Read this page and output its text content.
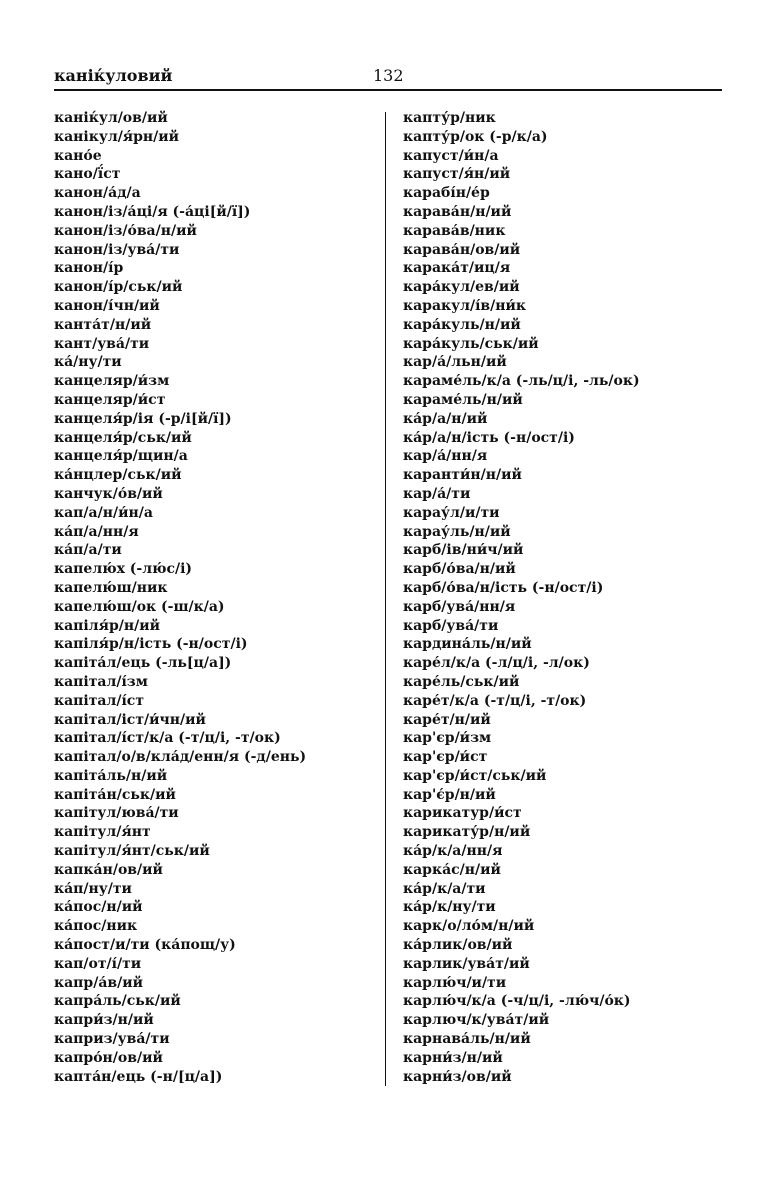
каніќуловий	132
каніќул/ов/ий
канікул/я́рн/ий
кано́е
кано/ї́ст
канон/а́д/а
канон/із/а́ці/я (-а́ці[й/ї])
канон/із/о́ва/н/ий
канон/із/ува́/ти
канон/і́р
канон/і́р/ськ/ий
канон/і́чн/ий
канта́т/н/ий
кант/ува́/ти
ка́/ну/ти
канцеляр/и́зм
канцеляр/и́ст
канцеля́р/ія (-р/і[й/ї])
канцеля́р/ськ/ий
канцеля́р/щин/а
ка́нцлер/ськ/ий
канчук/о́в/ий
кап/а/н/и́н/а
ка́п/а/нн/я
ка́п/а/ти
капелю́х (-лю́с/і)
капелю́ш/ник
капелю́ш/ок (-ш/к/а)
капіля́р/н/ий
капіля́р/н/ість (-н/ост/і)
капіта́л/ець (-ль[ц/а])
капітал/і́зм
капітал/і́ст
капітал/іст/и́чн/ий
капітал/і́ст/к/а (-т/ц/і, -т/ок)
капітал/о/в/кла́д/енн/я (-д/ень)
капіта́ль/н/ий
капіта́н/ськ/ий
капітул/юва́/ти
капітул/я́нт
капітул/я́нт/ськ/ий
капка́н/ов/ий
ка́п/ну/ти
ка́пос/н/ий
ка́пос/ник
ка́пост/и/ти (ка́пощ/у)
кап/от/і́/ти
капр/а́в/ий
капра́ль/ськ/ий
капри́з/н/ий
каприз/ува́/ти
капро́н/ов/ий
капта́н/ець (-н/[ц/а])
капту́р/ник
капту́р/ок (-р/к/а)
капуст/и́н/а
капуст/я́н/ий
карабі́н/е́р
карава́н/н/ий
карава́в/ник
карава́н/ов/ий
карака́т/иц/я
кара́кул/ев/ий
каракул/і́в/ни́к
кара́куль/н/ий
кара́куль/ськ/ий
кар/а́/льн/ий
караме́ль/к/а (-ль/ц/і, -ль/ок)
караме́ль/н/ий
ка́р/а/н/ий
ка́р/а/н/ість (-н/ост/і)
кар/а́/нн/я
каранти́н/н/ий
кар/а́/ти
карау́л/и/ти
карау́ль/н/ий
карб/ів/ни́ч/ий
карб/о́ва/н/ий
карб/о́ва/н/ість (-н/ост/і)
карб/ува́/нн/я
карб/ува́/ти
кардина́ль/н/ий
каре́л/к/а (-л/ц/і, -л/ок)
каре́ль/ськ/ий
каре́т/к/а (-т/ц/і, -т/ок)
каре́т/н/ий
кар'єр/и́зм
кар'єр/и́ст
кар'єр/и́ст/ськ/ий
кар'є́р/н/ий
карикатур/и́ст
карикату́р/н/ий
ка́р/к/а/нн/я
карка́с/н/ий
ка́р/к/а/ти
ка́р/к/ну/ти
карк/о/ло́м/н/ий
ка́рлик/ов/ий
карлик/ува́т/ий
карлю́ч/и/ти
карлю́ч/к/а (-ч/ц/і, -лю́ч/о́к)
карлюч/к/ува́т/ий
карнава́ль/н/ий
карни́з/н/ий
карни́з/ов/ий
